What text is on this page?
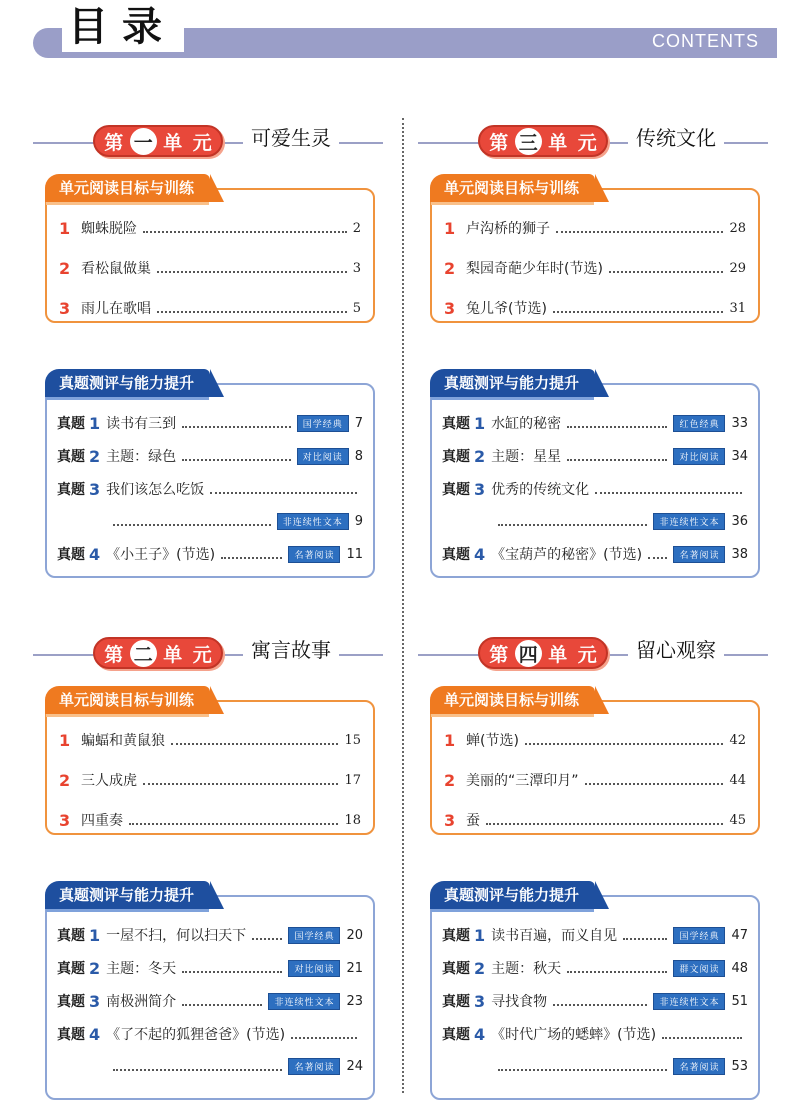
CONTENTS
目录
第 一 单 元	可爱生灵
单元阅读目标与训练
1 蜘蛛脱险	2
2 看松鼠做巢	3
3 雨儿在歌唱	5
真题测评与能力提升
真题 1 读书有三到	国学经典 7
真题 2 主题：绿色	对比阅读 8
真题 3 我们该怎么吃饭
非连续性文本 9
真题 4 《小王子》(节选)	名著阅读 11
第 三 单 元	传统文化
单元阅读目标与训练
1 卢沟桥的狮子	28
2 梨园奇葩少年时(节选)	29
3 兔儿爷(节选)	31
真题测评与能力提升
真题 1 水缸的秘密	红色经典 33
真题 2 主题：星星	对比阅读 34
真题 3 优秀的传统文化
非连续性文本 36
真题 4 《宝葫芦的秘密》(节选)	名著阅读 38
第 二 单 元	寓言故事
单元阅读目标与训练
1 蝙蝠和黄鼠狼	15
2 三人成虎	17
3 四重奏	18
真题测评与能力提升
真题 1 一屋不扫，何以扫天下	国学经典 20
真题 2 主题：冬天	对比阅读 21
真题 3 南极洲简介	非连续性文本 23
真题 4 《了不起的狐狸爸爸》(节选)
名著阅读 24
第 四 单 元	留心观察
单元阅读目标与训练
1 蝉(节选)	42
2 美丽的“三潭印月”	44
3 蚕	45
真题测评与能力提升
真题 1 读书百遍，而义自见	国学经典 47
真题 2 主题：秋天	群文阅读 48
真题 3 寻找食物	非连续性文本 51
真题 4 《时代广场的蟋蟀》(节选)
名著阅读 53
